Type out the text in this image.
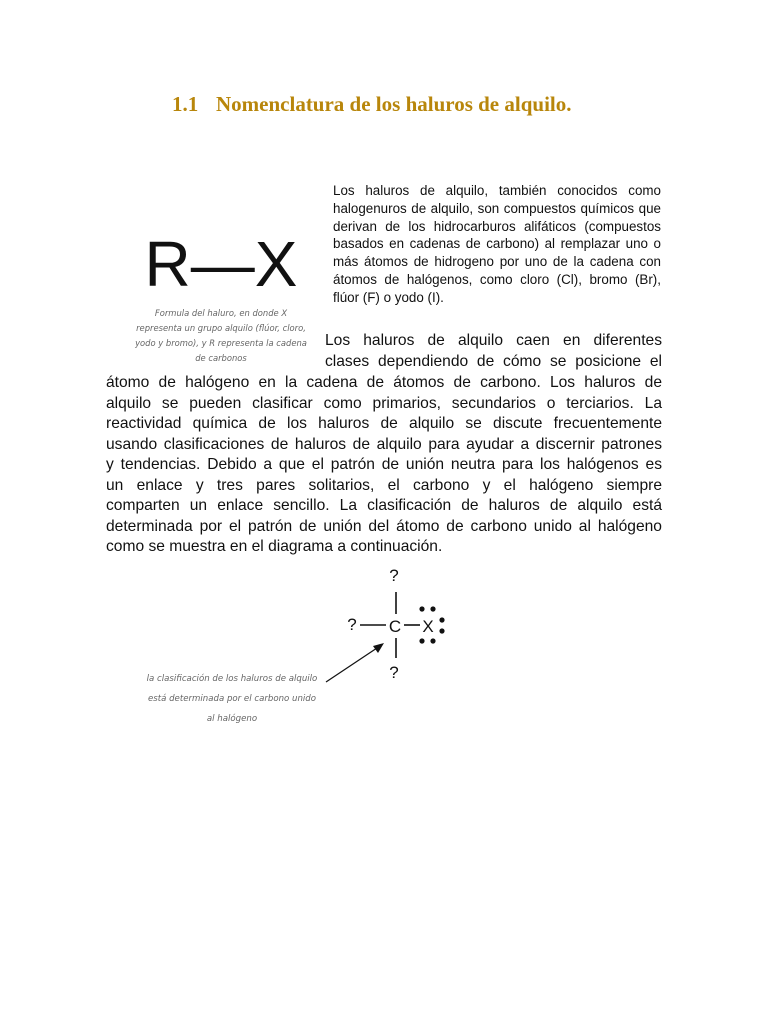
1.1 Nomenclatura de los haluros de alquilo.
R—X
Formula del haluro, en donde X representa un grupo alquilo (flúor, cloro, yodo y bromo), y R representa la cadena de carbonos

Los haluros de alquilo, también conocidos como halogenuros de alquilo, son compuestos químicos que derivan de los hidrocarburos alifáticos (compuestos basados en cadenas de carbono) al remplazar uno o más átomos de hidrogeno por uno de la cadena con átomos de halógenos, como cloro (Cl), bromo (Br), flúor (F) o yodo (I).

Los haluros de alquilo caen en diferentes
clases dependiendo de cómo se posicione el
átomo de halógeno en la cadena de átomos de carbono. Los haluros de
alquilo se pueden clasificar como primarios, secundarios o terciarios. La
reactividad química de los haluros de alquilo se discute frecuentemente
usando clasificaciones de haluros de alquilo para ayudar a discernir patrones
y tendencias. Debido a que el patrón de unión neutra para los halógenos es
un enlace y tres pares solitarios, el carbono y el halógeno siempre
comparten un enlace sencillo. La clasificación de haluros de alquilo está
determinada por el patrón de unión del átomo de carbono unido al halógeno
como se muestra en el diagrama a continuación.
?
? C X
?
la clasificación de los haluros de alquilo está determinada por el carbono unido al halógeno
